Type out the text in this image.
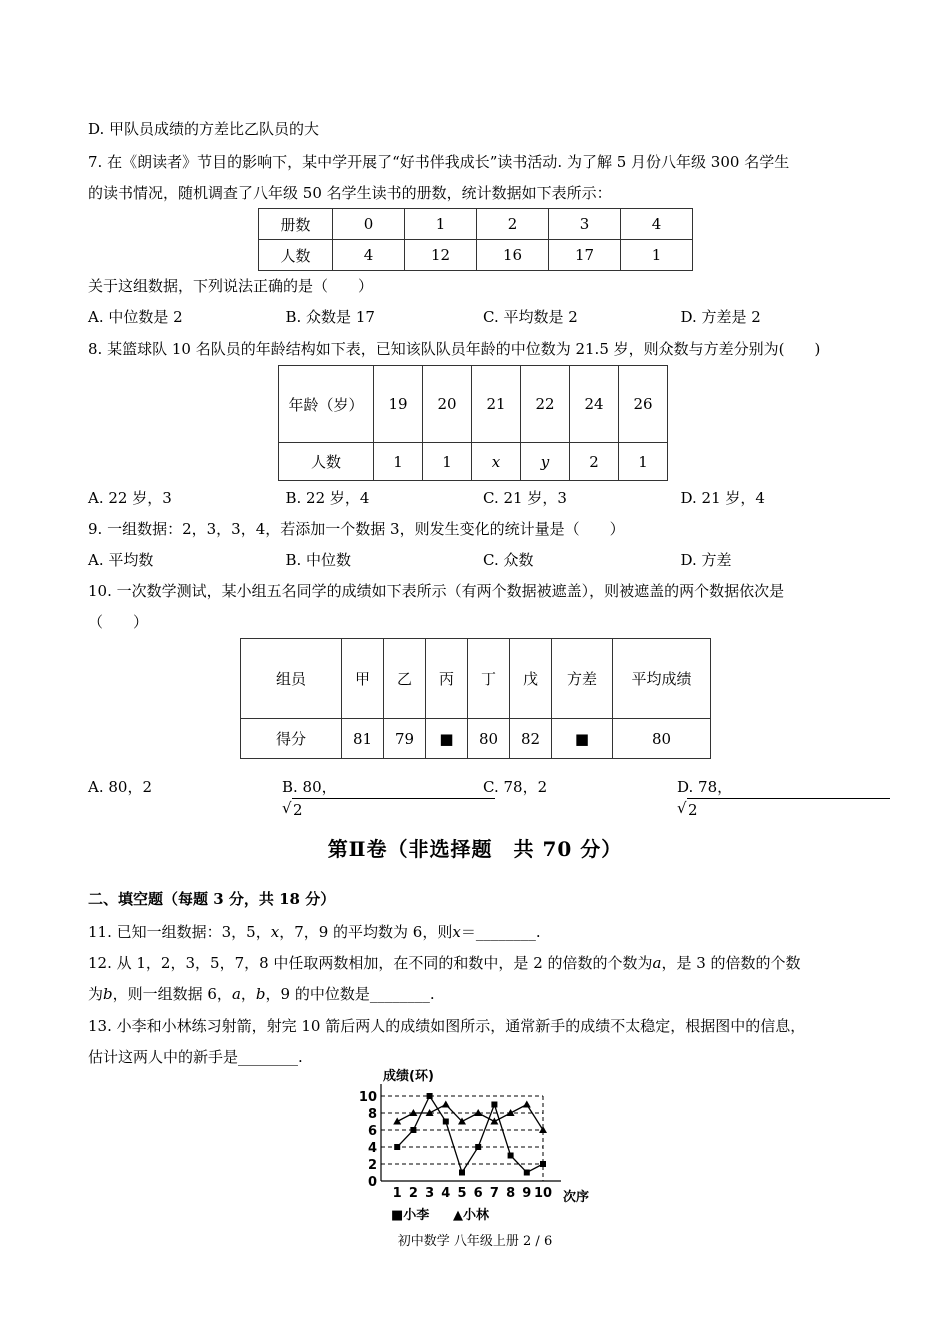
D. 甲队员成绩的方差比乙队员的大
7. 在《朗读者》节目的影响下，某中学开展了“好书伴我成长”读书活动. 为了解 5 月份八年级 300 名学生
的读书情况，随机调查了八年级 50 名学生读书的册数，统计数据如下表所示：
册数	0	1	2	3	4
人数	4	12	16	17	1
关于这组数据，下列说法正确的是（　　）
A. 中位数是 2	B. 众数是 17	C. 平均数是 2	D. 方差是 2
8. 某篮球队 10 名队员的年龄结构如下表，已知该队队员年龄的中位数为 21.5 岁，则众数与方差分别为(　　)
年龄（岁）	19	20	21	22	24	26
人数	1	1	x	y	2	1
A. 22 岁，3	B. 22 岁，4	C. 21 岁，3	D. 21 岁，4
9. 一组数据：2，3，3，4，若添加一个数据 3，则发生变化的统计量是（　　）
A. 平均数	B. 中位数	C. 众数	D. 方差
10. 一次数学测试，某小组五名同学的成绩如下表所示（有两个数据被遮盖），则被遮盖的两个数据依次是
（　　）
组员	甲	乙	丙	丁	戊	方差	平均成绩
得分	81	79	■	80	82	■	80
A. 80，2	B. 80，√ 2
C. 78，2	D. 78，√ 2
第Ⅱ卷（非选择题　共 70 分）
二、填空题（每题 3 分，共 18 分）
11. 已知一组数据：3，5，x，7，9 的平均数为 6，则x＝________.
12. 从 1，2，3，5，7，8 中任取两数相加，在不同的和数中，是 2 的倍数的个数为a，是 3 的倍数的个数
为b，则一组数据 6，a，b，9 的中位数是________.
13. 小李和小林练习射箭，射完 10 箭后两人的成绩如图所示，通常新手的成绩不太稳定，根据图中的信息，
估计这两人中的新手是________.
0
2
4
6
8
10
1 2 3 4 5 6 7 8 9 10
成绩(环)
次序
■小李 ▲小林
初中数学 八年级上册 2 / 6
